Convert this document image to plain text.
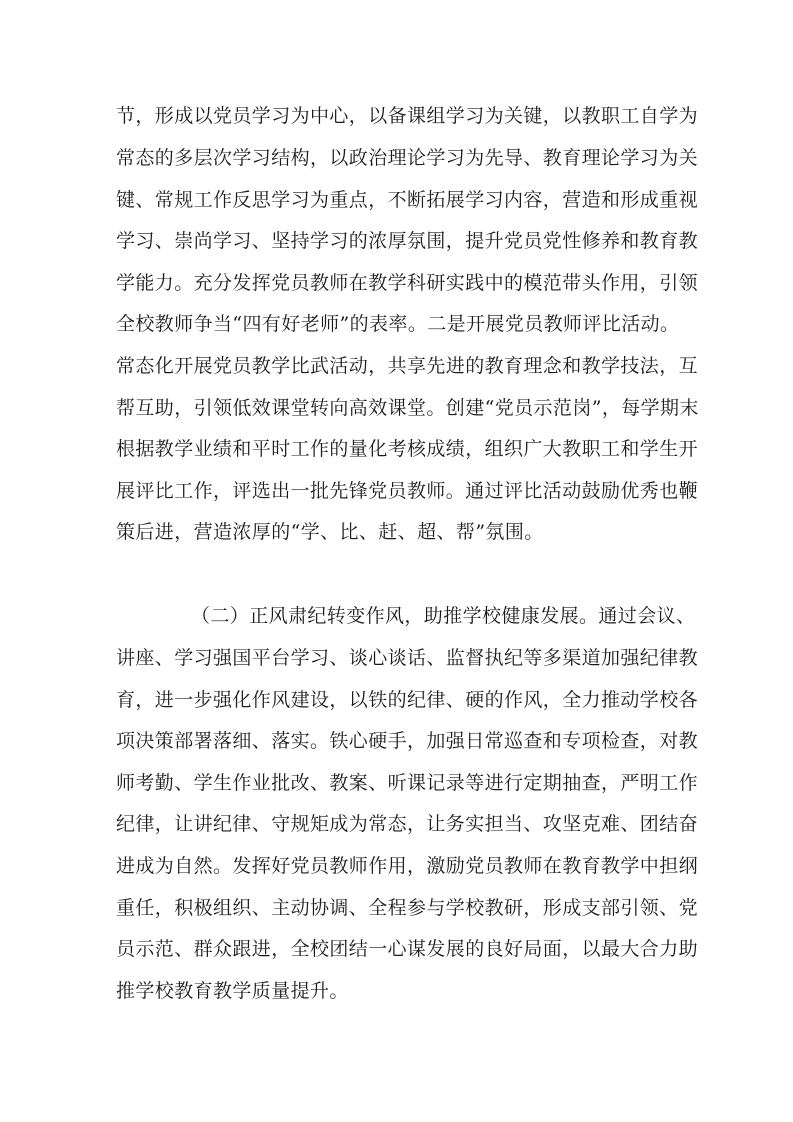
节，形成以党员学习为中心，以备课组学习为关键，以教职工自学为
常态的多层次学习结构，以政治理论学习为先导、教育理论学习为关
键、常规工作反思学习为重点，不断拓展学习内容，营造和形成重视
学习、崇尚学习、坚持学习的浓厚氛围，提升党员党性修养和教育教
学能力。充分发挥党员教师在教学科研实践中的模范带头作用，引领
全校教师争当“四有好老师”的表率。二是开展党员教师评比活动。
常态化开展党员教学比武活动，共享先进的教育理念和教学技法，互
帮互助，引领低效课堂转向高效课堂。创建“党员示范岗”，每学期末
根据教学业绩和平时工作的量化考核成绩，组织广大教职工和学生开
展评比工作，评选出一批先锋党员教师。通过评比活动鼓励优秀也鞭
策后进，营造浓厚的“学、比、赶、超、帮”氛围。
（二）正风肃纪转变作风，助推学校健康发展。通过会议、
讲座、学习强国平台学习、谈心谈话、监督执纪等多渠道加强纪律教
育，进一步强化作风建设，以铁的纪律、硬的作风，全力推动学校各
项决策部署落细、落实。铁心硬手，加强日常巡查和专项检查，对教
师考勤、学生作业批改、教案、听课记录等进行定期抽查，严明工作
纪律，让讲纪律、守规矩成为常态，让务实担当、攻坚克难、团结奋
进成为自然。发挥好党员教师作用，激励党员教师在教育教学中担纲
重任，积极组织、主动协调、全程参与学校教研，形成支部引领、党
员示范、群众跟进，全校团结一心谋发展的良好局面，以最大合力助
推学校教育教学质量提升。
